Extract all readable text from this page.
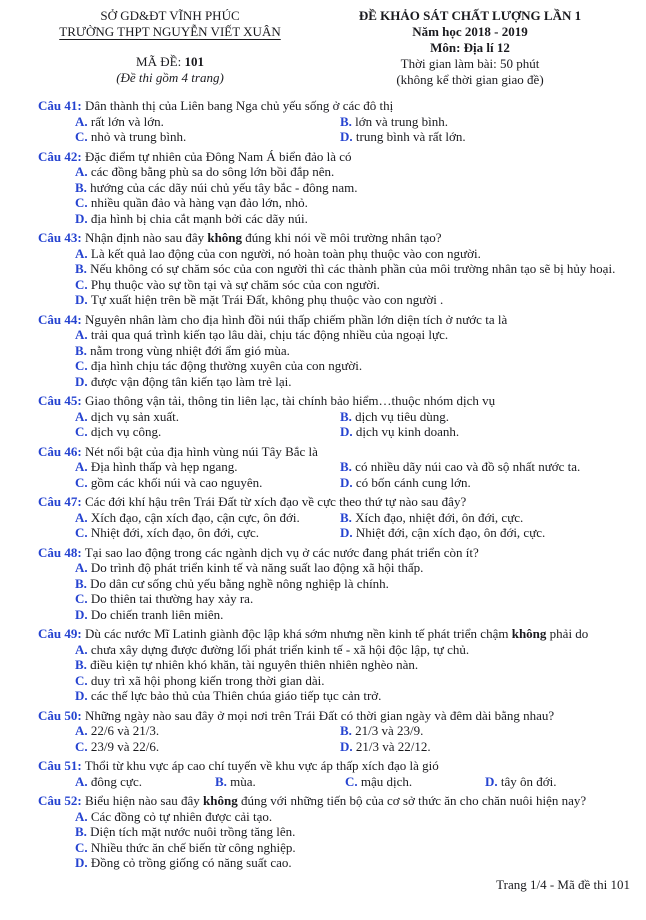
SỞ GD&ĐT VĨNH PHÚC
TRƯỜNG THPT NGUYỄN VIẾT XUÂN
MÃ ĐỀ: 101
(Đề thi gồm 4 trang)
ĐỀ KHẢO SÁT CHẤT LƯỢNG LẦN 1
Năm học 2018 - 2019
Môn: Địa lí 12
Thời gian làm bài: 50 phút
(không kể thời gian giao đề)
Câu 41: Dân thành thị của Liên bang Nga chủ yếu sống ở các đô thị
A. rất lớn và lớn.	B. lớn và trung bình.
C. nhỏ và trung bình.	D. trung bình và rất lớn.
Câu 42: Đặc điểm tự nhiên của Đông Nam Á biển đảo là có
A. các đồng bằng phù sa do sông lớn bồi đắp nên.
B. hướng của các dãy núi chủ yếu tây bắc - đông nam.
C. nhiều quần đảo và hàng vạn đảo lớn, nhỏ.
D. địa hình bị chia cắt mạnh bởi các dãy núi.
Câu 43: Nhận định nào sau đây không đúng khi nói về môi trường nhân tạo?
A. Là kết quả lao động của con người, nó hoàn toàn phụ thuộc vào con người.
B. Nếu không có sự chăm sóc của con người thì các thành phần của môi trường nhân tạo sẽ bị hủy hoại.
C. Phụ thuộc vào sự tồn tại và sự chăm sóc của con người.
D. Tự xuất hiện trên bề mặt Trái Đất, không phụ thuộc vào con người .
Câu 44: Nguyên nhân làm cho địa hình đồi núi thấp chiếm phần lớn diện tích ở nước ta là
A. trải qua quá trình kiến tạo lâu dài, chịu tác động nhiều của ngoại lực.
B. nằm trong vùng nhiệt đới ẩm gió mùa.
C. địa hình chịu tác động thường xuyên của con người.
D. được vận động tân kiến tạo làm trẻ lại.
Câu 45: Giao thông vận tải, thông tin liên lạc, tài chính bảo hiểm…thuộc nhóm dịch vụ
A. dịch vụ sản xuất.	B. dịch vụ tiêu dùng.
C. dịch vụ công.	D. dịch vụ kinh doanh.
Câu 46: Nét nổi bật của địa hình vùng núi Tây Bắc là
A. Địa hình thấp và hẹp ngang.	B. có nhiều dãy núi cao và đồ sộ nhất nước ta.
C. gồm các khối núi và cao nguyên.	D. có bốn cánh cung lớn.
Câu 47: Các đới khí hậu trên Trái Đất từ xích đạo về cực theo thứ tự nào sau đây?
A. Xích đạo, cận xích đạo, cận cực, ôn đới.	B. Xích đạo, nhiệt đới, ôn đới, cực.
C. Nhiệt đới, xích đạo, ôn đới, cực.	D. Nhiệt đới, cận xích đạo, ôn đới, cực.
Câu 48: Tại sao lao động trong các ngành dịch vụ ở các nước đang phát triển còn ít?
A. Do trình độ phát triển kinh tế và năng suất lao động xã hội thấp.
B. Do dân cư sống chủ yếu bằng nghề nông nghiệp là chính.
C. Do thiên tai thường hay xảy ra.
D. Do chiến tranh liên miên.
Câu 49: Dù các nước Mĩ Latinh giành độc lập khá sớm nhưng nền kinh tế phát triển chậm không phải do
A. chưa xây dựng được đường lối phát triển kinh tế - xã hội độc lập, tự chủ.
B. điều kiện tự nhiên khó khăn, tài nguyên thiên nhiên nghèo nàn.
C. duy trì xã hội phong kiến trong thời gian dài.
D. các thế lực bảo thủ của Thiên chúa giáo tiếp tục cản trở.
Câu 50: Những ngày nào sau đây ở mọi nơi trên Trái Đất có thời gian ngày và đêm dài bằng nhau?
A. 22/6 và 21/3.	B. 21/3 và 23/9.
C. 23/9 và 22/6.	D. 21/3 và 22/12.
Câu 51: Thổi từ khu vực áp cao chí tuyến về khu vực áp thấp xích đạo là gió
A. đông cực.	B. mùa.	C. mậu dịch.	D. tây ôn đới.
Câu 52: Biểu hiện nào sau đây không đúng với những tiến bộ của cơ sở thức ăn cho chăn nuôi hiện nay?
A. Các đồng cỏ tự nhiên được cải tạo.
B. Diện tích mặt nước nuôi trồng tăng lên.
C. Nhiều thức ăn chế biến từ công nghiệp.
D. Đồng cỏ trồng giống có năng suất cao.
Trang 1/4 - Mã đề thi 101
